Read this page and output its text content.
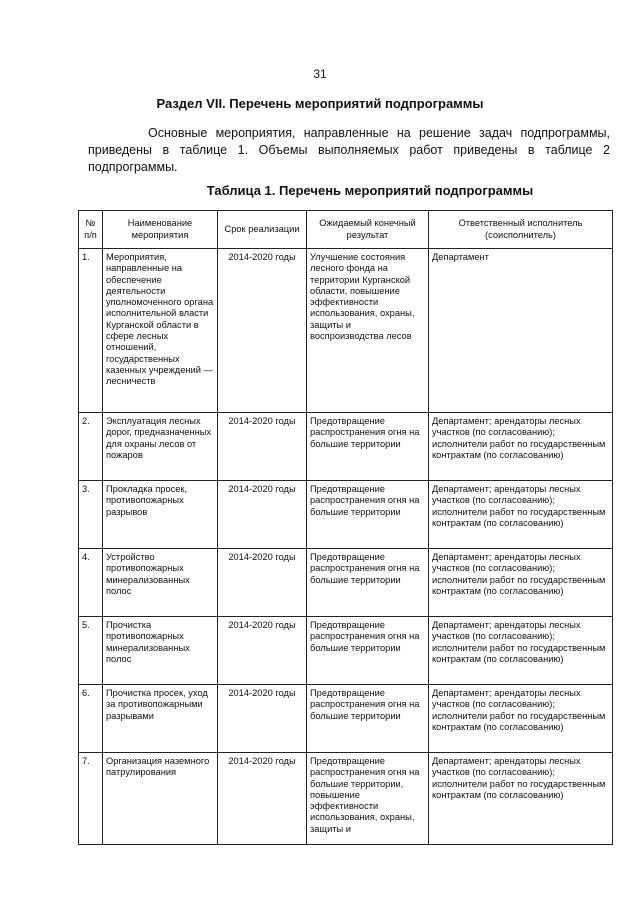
31
Раздел VII. Перечень мероприятий подпрограммы

Основные мероприятия, направленные на решение задач подпрограммы, приведены в таблице 1. Объемы выполняемых работ приведены в таблице 2 подпрограммы.

Таблица 1. Перечень мероприятий подпрограммы
№ п/п	Наименование мероприятия	Срок реализации	Ожидаемый конечный результат	Ответственный исполнитель (соисполнитель)
1.	Мероприятия, направленные на обеспечение деятельности уполномоченного органа исполнительной власти Курганской области в сфере лесных отношений, государственных казенных учреждений — лесничеств	2014-2020 годы	Улучшение состояния лесного фонда на территории Курганской области, повышение эффективности использования, охраны, защиты и воспроизводства лесов	Департамент
2.	Эксплуатация лесных дорог, предназначенных для охраны лесов от пожаров	2014-2020 годы	Предотвращение распространения огня на большие территории	Департамент; арендаторы лесных участков (по согласованию); исполнители работ по государственным контрактам (по согласованию)
3.	Прокладка просек, противопожарных разрывов	2014-2020 годы	Предотвращение распространения огня на большие территории	Департамент; арендаторы лесных участков (по согласованию); исполнители работ по государственным контрактам (по согласованию)
4.	Устройство противопожарных минерализованных полос	2014-2020 годы	Предотвращение распространения огня на большие территории	Департамент; арендаторы лесных участков (по согласованию); исполнители работ по государственным контрактам (по согласованию)
5.	Прочистка противопожарных минерализованных полос	2014-2020 годы	Предотвращение распространения огня на большие территории	Департамент; арендаторы лесных участков (по согласованию); исполнители работ по государственным контрактам (по согласованию)
6.	Прочистка просек, уход за противопожарными разрывами	2014-2020 годы	Предотвращение распространения огня на большие территории	Департамент; арендаторы лесных участков (по согласованию); исполнители работ по государственным контрактам (по согласованию)
7.	Организация наземного патрулирования	2014-2020 годы	Предотвращение распространения огня на большие территории, повышение эффективности использования, охраны, защиты и	Департамент; арендаторы лесных участков (по согласованию); исполнители работ по государственным контрактам (по согласованию)
